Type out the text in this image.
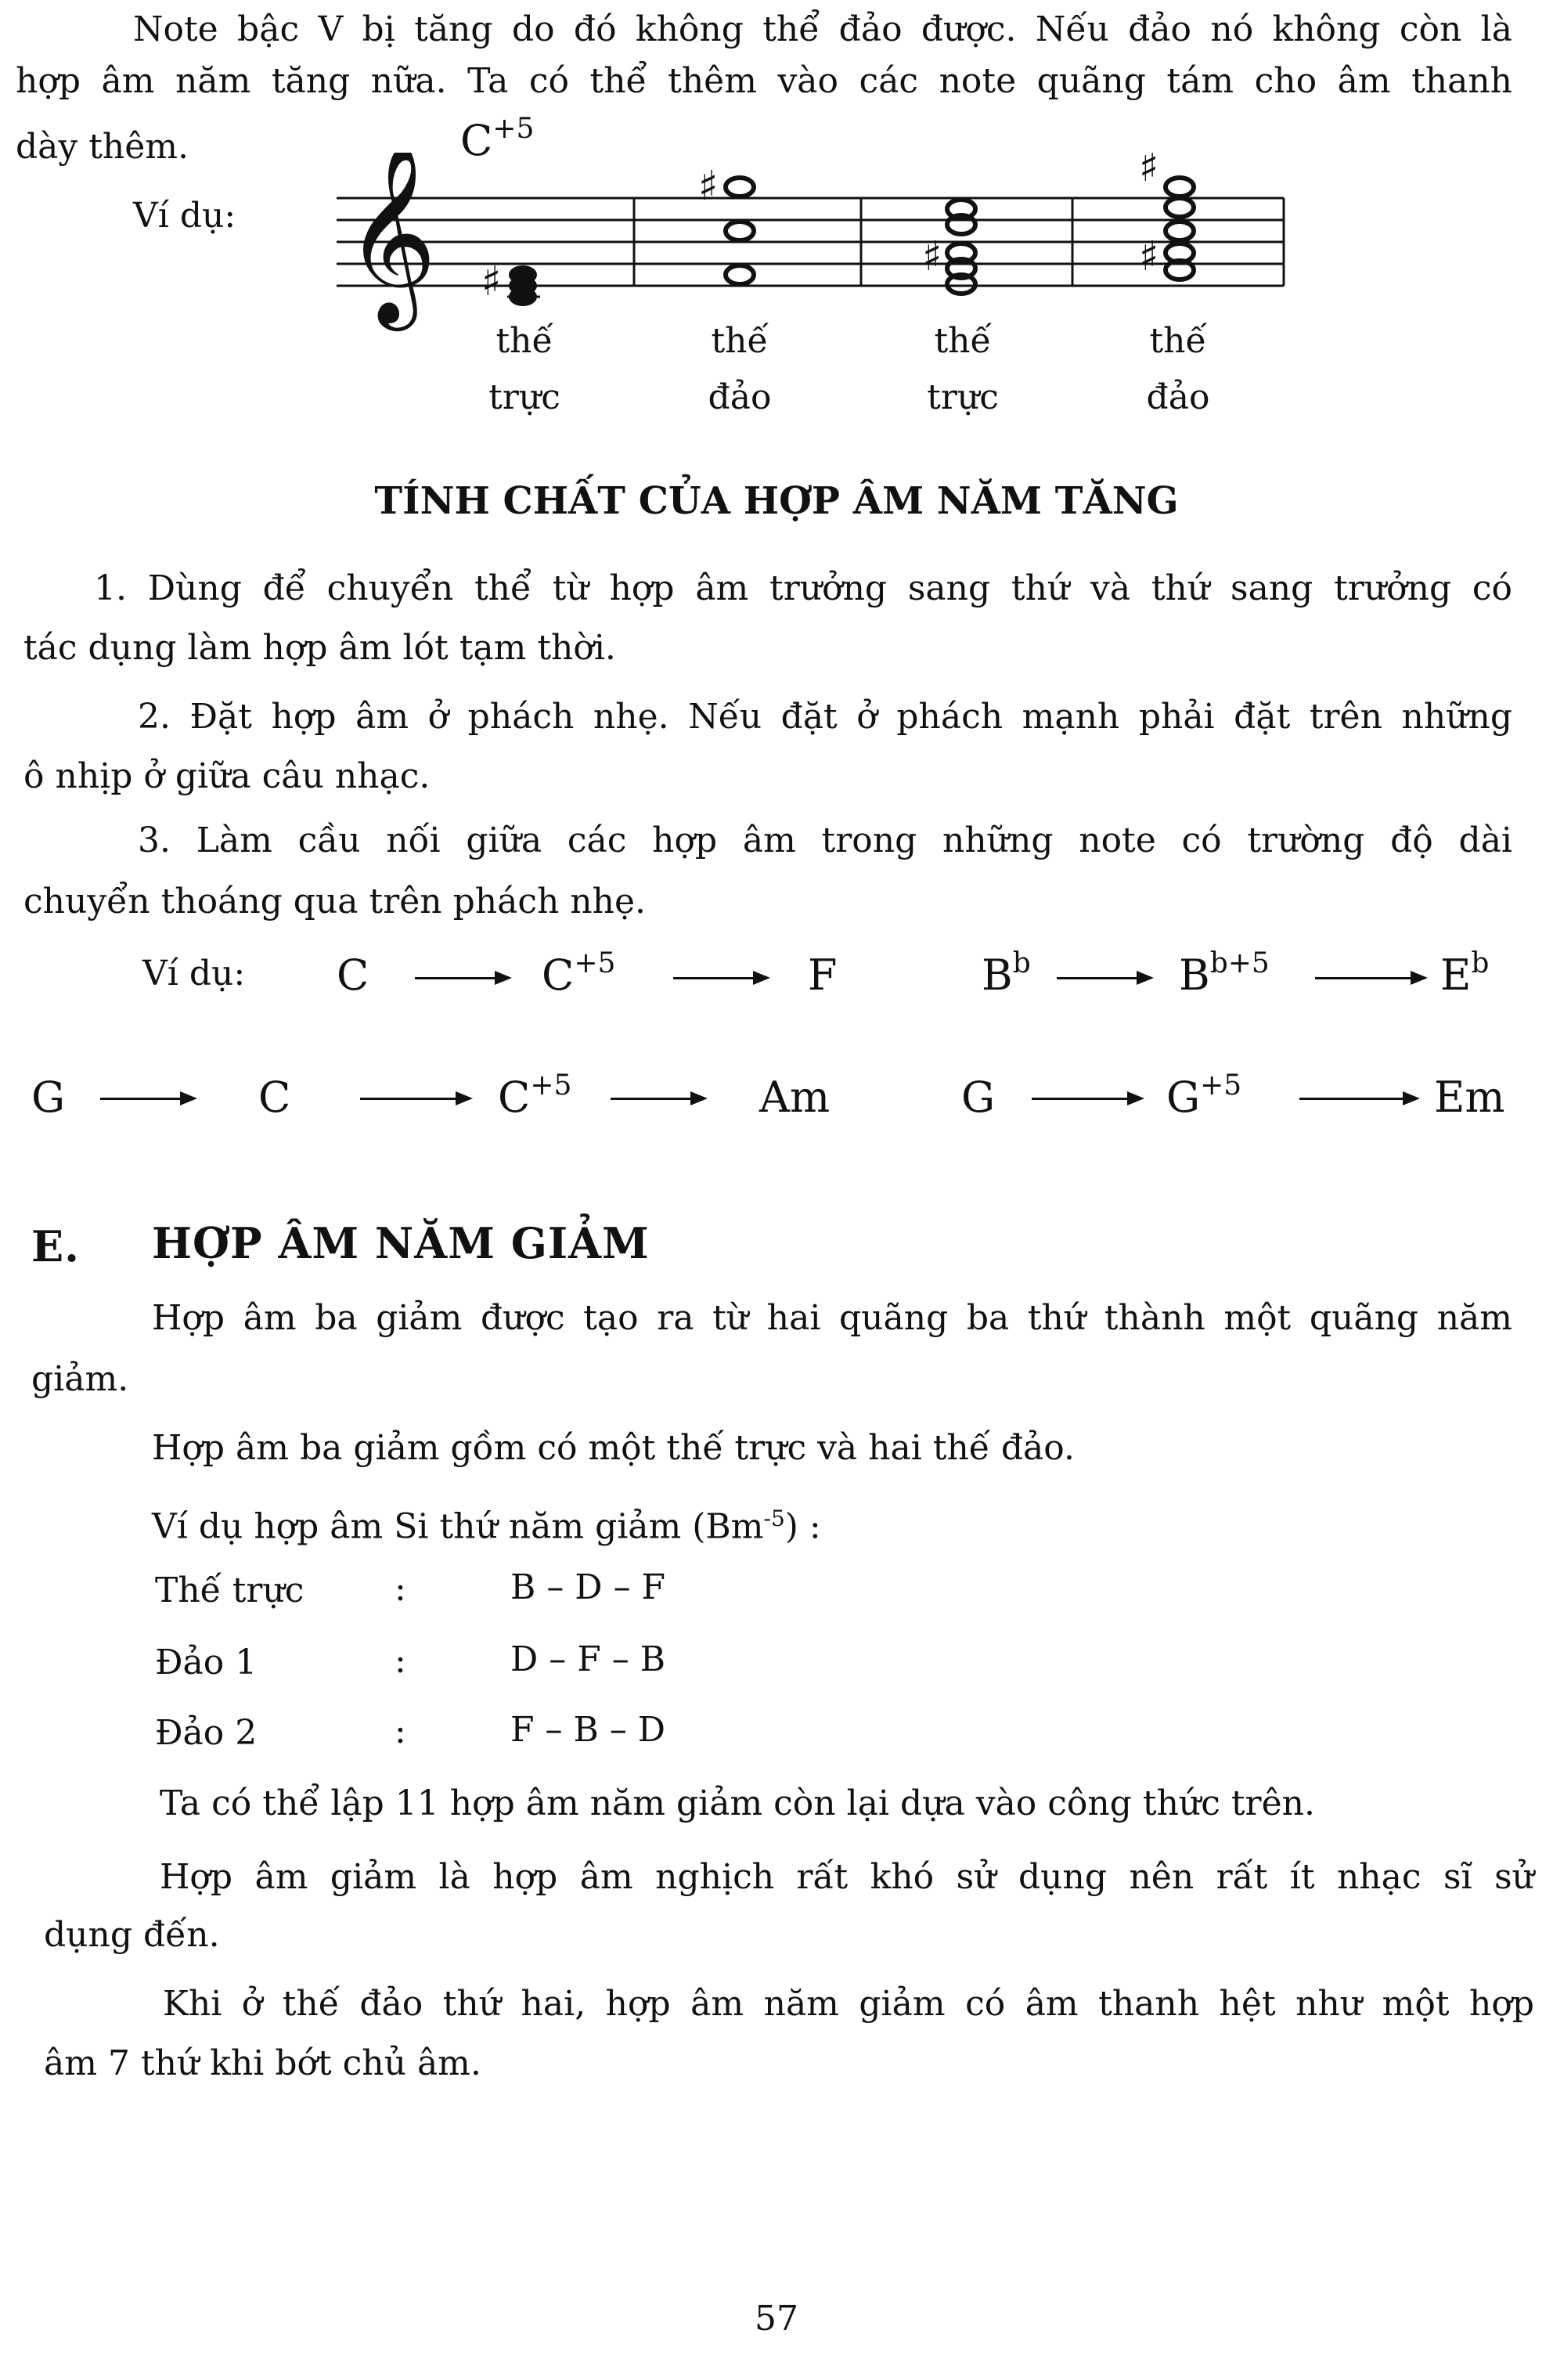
Note bậc V bị tăng do đó không thể đảo được. Nếu đảo nó không còn là
hợp âm năm tăng nữa. Ta có thể thêm vào các note quãng tám cho âm thanh
dày thêm.
Ví dụ:
$C^{+5}$
𝄞 ♯
♯
♯
♯
♯
thế
trực
thế
đảo
thế
trực
thế
đảo
TÍNH CHẤT CỦA HỢP ÂM NĂM TĂNG
1. Dùng để chuyển thể từ hợp âm trưởng sang thứ và thứ sang trưởng có
tác dụng làm hợp âm lót tạm thời.
2. Đặt hợp âm ở phách nhẹ. Nếu đặt ở phách mạnh phải đặt trên những
ô nhịp ở giữa câu nhạc.
3. Làm cầu nối giữa các hợp âm trong những note có trường độ dài
chuyển thoáng qua trên phách nhẹ.
Ví dụ: C	$C^{+5}$	F	$B^b$	$B^{b+5}$	$E^b$
G	C	$C^{+5}$	Am	G	$G^{+5}$	Em
E. HỢP ÂM NĂM GIẢM
Hợp âm ba giảm được tạo ra từ hai quãng ba thứ thành một quãng năm
giảm.
Hợp âm ba giảm gồm có một thế trực và hai thế đảo.
Ví dụ hợp âm Si thứ năm giảm $(Bm^{-5})$ :
Thế trực	:	B – D – F
Đảo 1	:	D – F – B
Đảo 2	:	F – B – D
Ta có thể lập 11 hợp âm năm giảm còn lại dựa vào công thức trên.
Hợp âm giảm là hợp âm nghịch rất khó sử dụng nên rất ít nhạc sĩ sử
dụng đến.
Khi ở thế đảo thứ hai, hợp âm năm giảm có âm thanh hệt như một hợp
âm 7 thứ khi bớt chủ âm.
57
